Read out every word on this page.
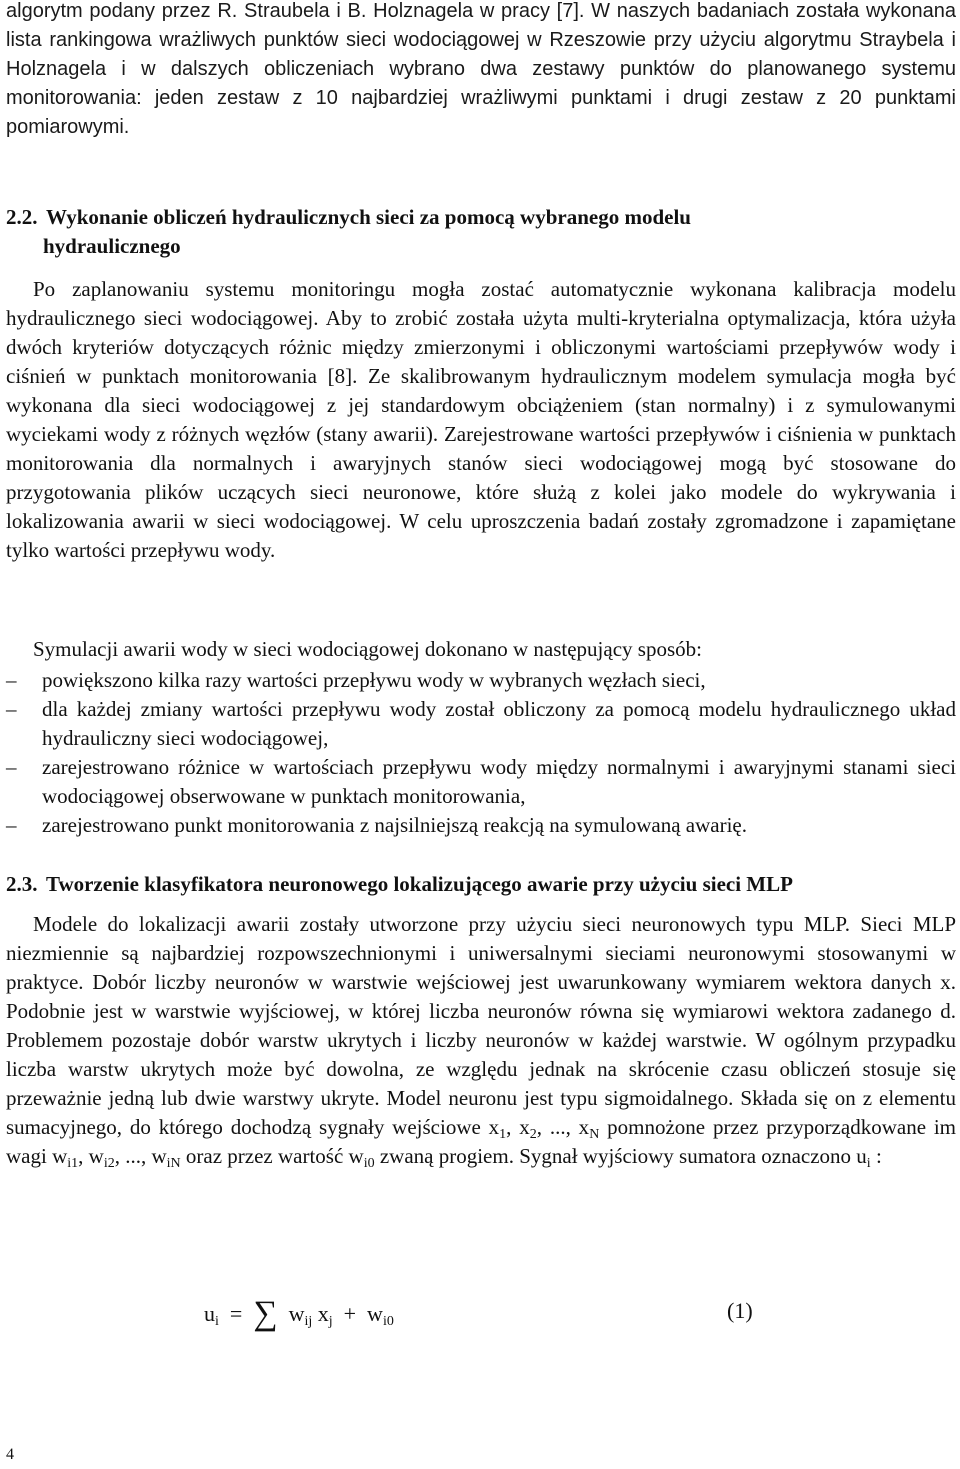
algorytm podany przez R. Straubela i B. Holznagela w pracy [7]. W naszych badaniach została wykonana lista rankingowa wrażliwych punktów sieci wodociągowej w Rzeszowie przy użyciu algorytmu Straybela i Holznagela i w dalszych obliczeniach wybrano dwa zestawy punktów do planowanego systemu monitorowania: jeden zestaw z 10 najbardziej wrażliwymi punktami i drugi zestaw z 20 punktami pomiarowymi.
2.2. Wykonanie obliczeń hydraulicznych sieci za pomocą wybranego modelu
hydraulicznego

Po zaplanowaniu systemu monitoringu mogła zostać automatycznie wykonana kalibracja modelu hydraulicznego sieci wodociągowej. Aby to zrobić została użyta multi-kryterialna optymalizacja, która użyła dwóch kryteriów dotyczących różnic między zmierzonymi i obliczonymi wartościami przepływów wody i ciśnień w punktach monitorowania [8]. Ze skalibrowanym hydraulicznym modelem symulacja mogła być wykonana dla sieci wodociągowej z jej standardowym obciążeniem (stan normalny) i z symulowanymi wyciekami wody z różnych węzłów (stany awarii). Zarejestrowane wartości przepływów i ciśnienia w punktach monitorowania dla normalnych i awaryjnych stanów sieci wodociągowej mogą być stosowane do przygotowania plików uczących sieci neuronowe, które służą z kolei jako modele do wykrywania i lokalizowania awarii w sieci wodociągowej. W celu uproszczenia badań zostały zgromadzone i zapamiętane tylko wartości przepływu wody.

Symulacji awarii wody w sieci wodociągowej dokonano w następujący sposób:

–	powiększono kilka razy wartości przepływu wody w wybranych węzłach sieci,
–	dla każdej zmiany wartości przepływu wody został obliczony za pomocą modelu hydraulicznego układ hydrauliczny sieci wodociągowej,
–	zarejestrowano różnice w wartościach przepływu wody między normalnymi i awaryjnymi stanami sieci wodociągowej obserwowane w punktach monitorowania,
–	zarejestrowano punkt monitorowania z najsilniejszą reakcją na symulowaną awarię.
2.3. Tworzenie klasyfikatora neuronowego lokalizującego awarie przy użyciu sieci MLP

Modele do lokalizacji awarii zostały utworzone przy użyciu sieci neuronowych typu MLP. Sieci MLP niezmiennie są najbardziej rozpowszechnionymi i uniwersalnymi sieciami neuronowymi stosowanymi w praktyce. Dobór liczby neuronów w warstwie wejściowej jest uwarunkowany wymiarem wektora danych x. Podobnie jest w warstwie wyjściowej, w której liczba neuronów równa się wymiarowi wektora zadanego d. Problemem pozostaje dobór warstw ukrytych i liczby neuronów w każdej warstwie. W ogólnym przypadku liczba warstw ukrytych może być dowolna, ze względu jednak na skrócenie czasu obliczeń stosuje się przeważnie jedną lub dwie warstwy ukryte. Model neuronu jest typu sigmoidalnego. Składa się on z elementu sumacyjnego, do którego dochodzą sygnały wejściowe $x_1$, $x_2$, ..., $x_N$ pomnożone przez przyporządkowane im wagi $w_{i1}$, $w_{i2}$, ..., $w_{iN}$ oraz przez wartość $w_{i0}$ zwaną progiem. Sygnał wyjściowy sumatora oznaczono $u_i$ :

$u_i$ = ∑ $w_{ij}$ $x_j + w_{i0}$	(1)
4
